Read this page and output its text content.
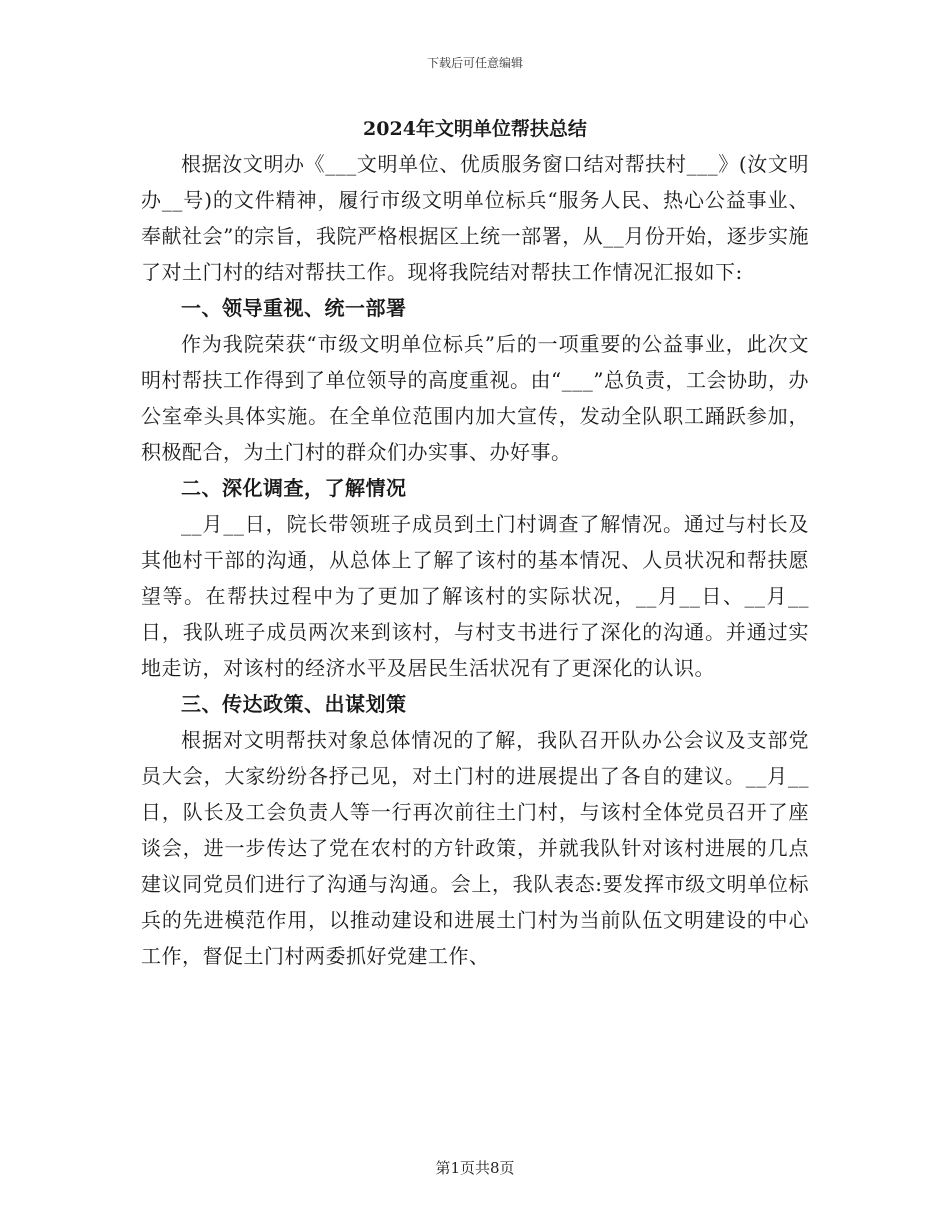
下载后可任意编辑
2024年文明单位帮扶总结

根据汝文明办《___文明单位、优质服务窗口结对帮扶村___》(汝文明办__号)的文件精神，履行市级文明单位标兵“服务人民、热心公益事业、奉献社会”的宗旨，我院严格根据区上统一部署，从__月份开始，逐步实施了对土门村的结对帮扶工作。现将我院结对帮扶工作情况汇报如下:

一、领导重视、统一部署

作为我院荣获“市级文明单位标兵”后的一项重要的公益事业，此次文明村帮扶工作得到了单位领导的高度重视。由“___”总负责，工会协助，办公室牵头具体实施。在全单位范围内加大宣传，发动全队职工踊跃参加，积极配合，为土门村的群众们办实事、办好事。

二、深化调查，了解情况

__月__日，院长带领班子成员到土门村调查了解情况。通过与村长及其他村干部的沟通，从总体上了解了该村的基本情况、人员状况和帮扶愿望等。在帮扶过程中为了更加了解该村的实际状况，__月__日、__月__日，我队班子成员两次来到该村，与村支书进行了深化的沟通。并通过实地走访，对该村的经济水平及居民生活状况有了更深化的认识。

三、传达政策、出谋划策

根据对文明帮扶对象总体情况的了解，我队召开队办公会议及支部党员大会，大家纷纷各抒己见，对土门村的进展提出了各自的建议。__月__日，队长及工会负责人等一行再次前往土门村，与该村全体党员召开了座谈会，进一步传达了党在农村的方针政策，并就我队针对该村进展的几点建议同党员们进行了沟通与沟通。会上，我队表态:要发挥市级文明单位标兵的先进模范作用，以推动建设和进展土门村为当前队伍文明建设的中心工作，督促土门村两委抓好党建工作、

第1页共8页
